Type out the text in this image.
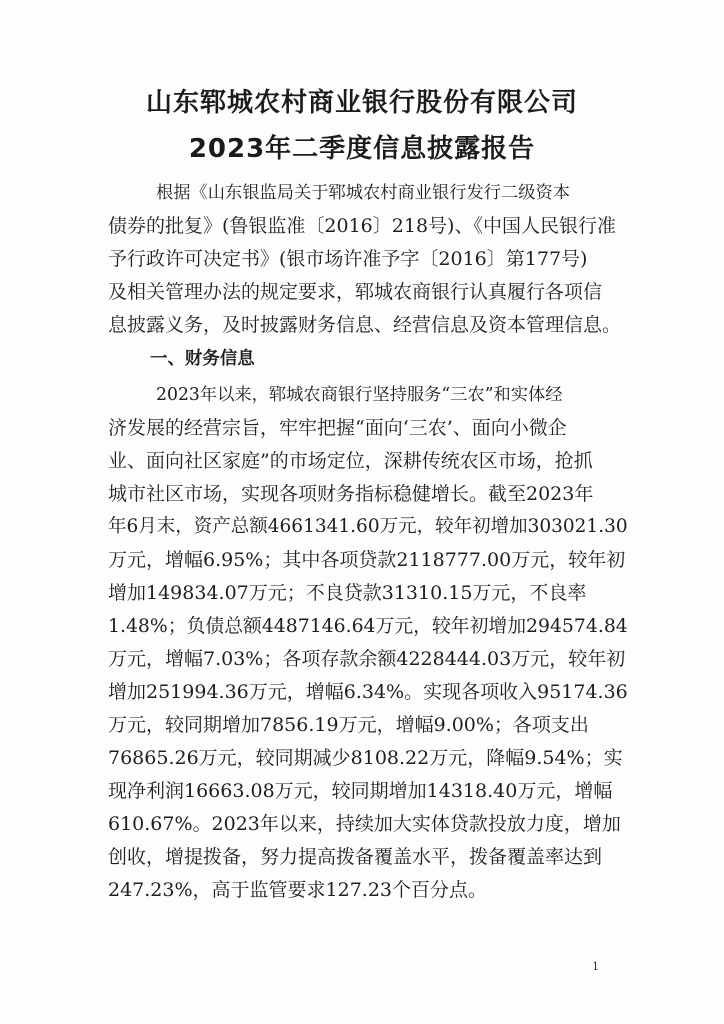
山东郓城农村商业银行股份有限公司
2023年二季度信息披露报告
根据《山东银监局关于郓城农村商业银行发行二级资本
债券的批复》(鲁银监准〔2016〕218号)、《中国人民银行准
予行政许可决定书》(银市场许准予字〔2016〕第177号)
及相关管理办法的规定要求，郓城农商银行认真履行各项信
息披露义务，及时披露财务信息、经营信息及资本管理信息。
一、财务信息
2023年以来，郓城农商银行坚持服务“三农”和实体经
济发展的经营宗旨，牢牢把握“面向‘三农’、面向小微企
业、面向社区家庭”的市场定位，深耕传统农区市场，抢抓
城市社区市场，实现各项财务指标稳健增长。截至2023年
年6月末，资产总额4661341.60万元，较年初增加303021.30
万元，增幅6.95%；其中各项贷款2118777.00万元，较年初
增加149834.07万元；不良贷款31310.15万元，不良率
1.48%；负债总额4487146.64万元，较年初增加294574.84
万元，增幅7.03%；各项存款余额4228444.03万元，较年初
增加251994.36万元，增幅6.34%。实现各项收入95174.36
万元，较同期增加7856.19万元，增幅9.00%；各项支出
76865.26万元，较同期减少8108.22万元，降幅9.54%；实
现净利润16663.08万元，较同期增加14318.40万元，增幅
610.67%。2023年以来，持续加大实体贷款投放力度，增加
创收，增提拨备，努力提高拨备覆盖水平，拨备覆盖率达到
247.23%，高于监管要求127.23个百分点。
1
